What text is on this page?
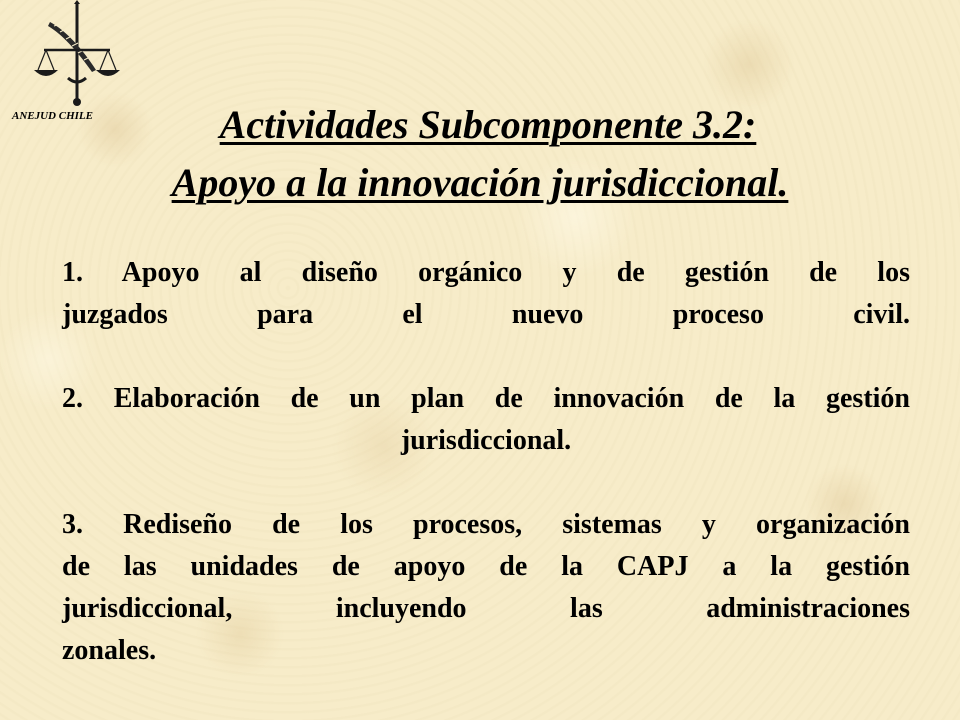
ANEJUD CHILE	Actividades Subcomponente 3.2:
Apoyo a la innovación jurisdiccional.

1. Apoyo al diseño orgánico y de gestión de los

juzgados para el nuevo proceso civil.

2. Elaboración de un plan de innovación de la gestión

jurisdiccional.

3. Rediseño de los procesos, sistemas y organización

de las unidades de apoyo de la CAPJ a la gestión

jurisdiccional, incluyendo las administraciones

zonales.
